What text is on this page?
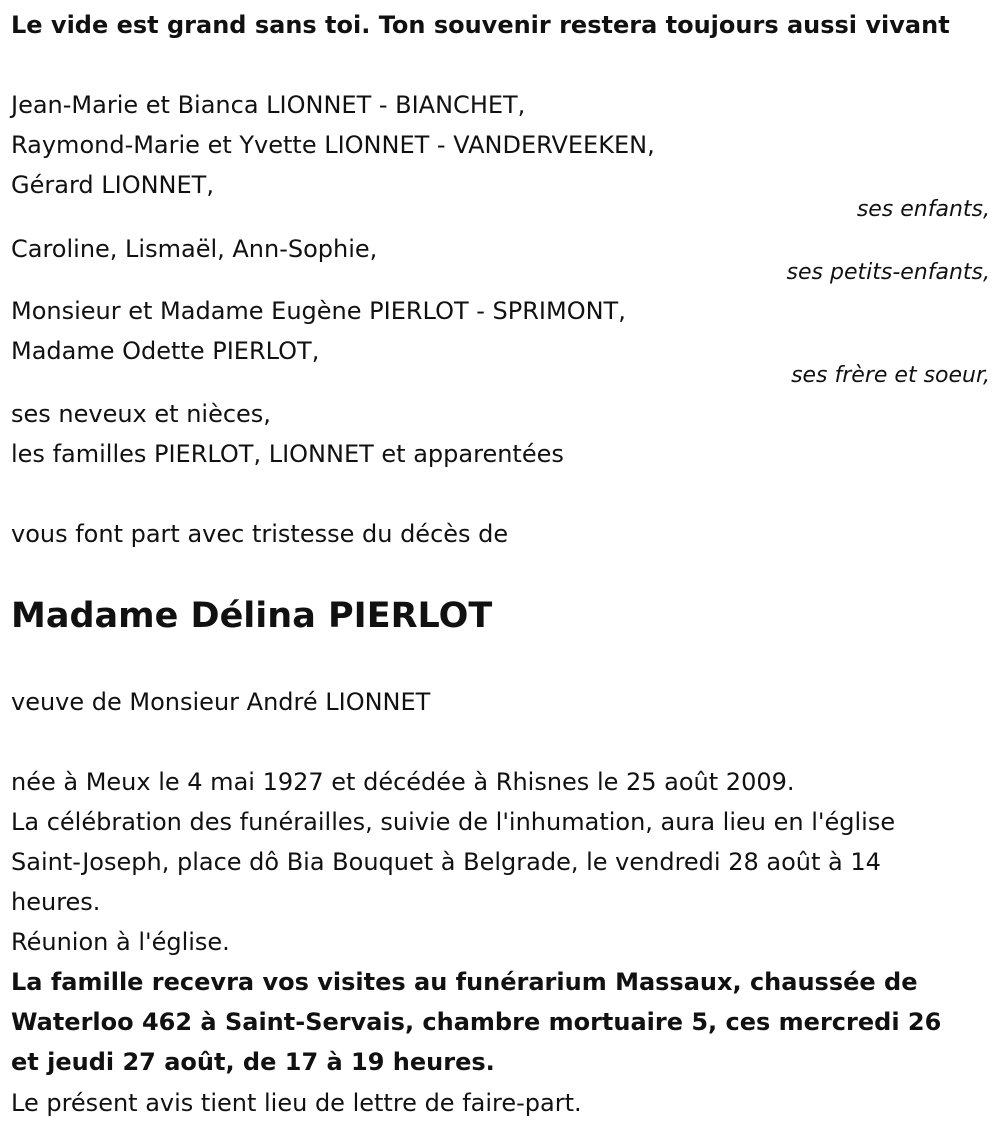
Le vide est grand sans toi. Ton souvenir restera toujours aussi vivant
Jean-Marie et Bianca LIONNET - BIANCHET,
Raymond-Marie et Yvette LIONNET - VANDERVEEKEN,
Gérard LIONNET,
ses enfants,
Caroline, Lismaël, Ann-Sophie,
ses petits-enfants,
Monsieur et Madame Eugène PIERLOT - SPRIMONT,
Madame Odette PIERLOT,
ses frère et soeur,
ses neveux et nièces,
les familles PIERLOT, LIONNET et apparentées
vous font part avec tristesse du décès de
Madame Délina PIERLOT
veuve de Monsieur André LIONNET
née à Meux le 4 mai 1927 et décédée à Rhisnes le 25 août 2009.
La célébration des funérailles, suivie de l'inhumation, aura lieu en l'église
Saint-Joseph, place dô Bia Bouquet à Belgrade, le vendredi 28 août à 14
heures.
Réunion à l'église.
La famille recevra vos visites au funérarium Massaux, chaussée de
Waterloo 462 à Saint-Servais, chambre mortuaire 5, ces mercredi 26
et jeudi 27 août, de 17 à 19 heures.
Le présent avis tient lieu de lettre de faire-part.
